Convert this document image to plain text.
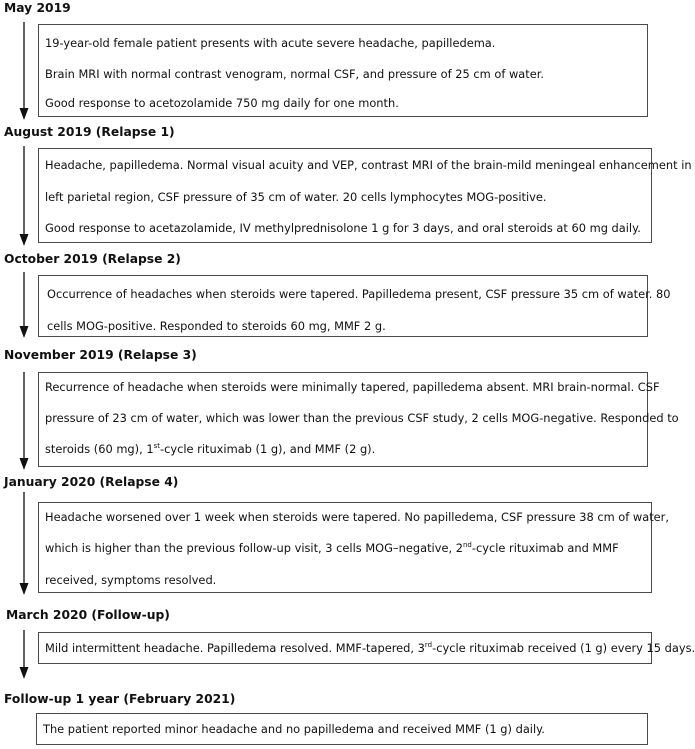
May 2019
19-year-old female patient presents with acute severe headache, papilledema.
Brain MRI with normal contrast venogram, normal CSF, and pressure of 25 cm of water.
Good response to acetozolamide 750 mg daily for one month.
August 2019 (Relapse 1)
Headache, papilledema. Normal visual acuity and VEP, contrast MRI of the brain-mild meningeal enhancement in
left parietal region, CSF pressure of 35 cm of water. 20 cells lymphocytes MOG-positive.
Good response to acetazolamide, IV methylprednisolone 1 g for 3 days, and oral steroids at 60 mg daily.
October 2019 (Relapse 2)
Occurrence of headaches when steroids were tapered. Papilledema present, CSF pressure 35 cm of water. 80
cells MOG-positive. Responded to steroids 60 mg, MMF 2 g.
November 2019 (Relapse 3)
Recurrence of headache when steroids were minimally tapered, papilledema absent. MRI brain-normal. CSF
pressure of 23 cm of water, which was lower than the previous CSF study, 2 cells MOG-negative. Responded to
steroids (60 mg), 1st-cycle rituximab (1 g), and MMF (2 g).
January 2020 (Relapse 4)
Headache worsened over 1 week when steroids were tapered. No papilledema, CSF pressure 38 cm of water,
which is higher than the previous follow-up visit, 3 cells MOG–negative, 2nd-cycle rituximab and MMF
received, symptoms resolved.
March 2020 (Follow-up)
Mild intermittent headache. Papilledema resolved. MMF-tapered, 3rd-cycle rituximab received (1 g) every 15 days.
Follow-up 1 year (February 2021)
The patient reported minor headache and no papilledema and received MMF (1 g) daily.
